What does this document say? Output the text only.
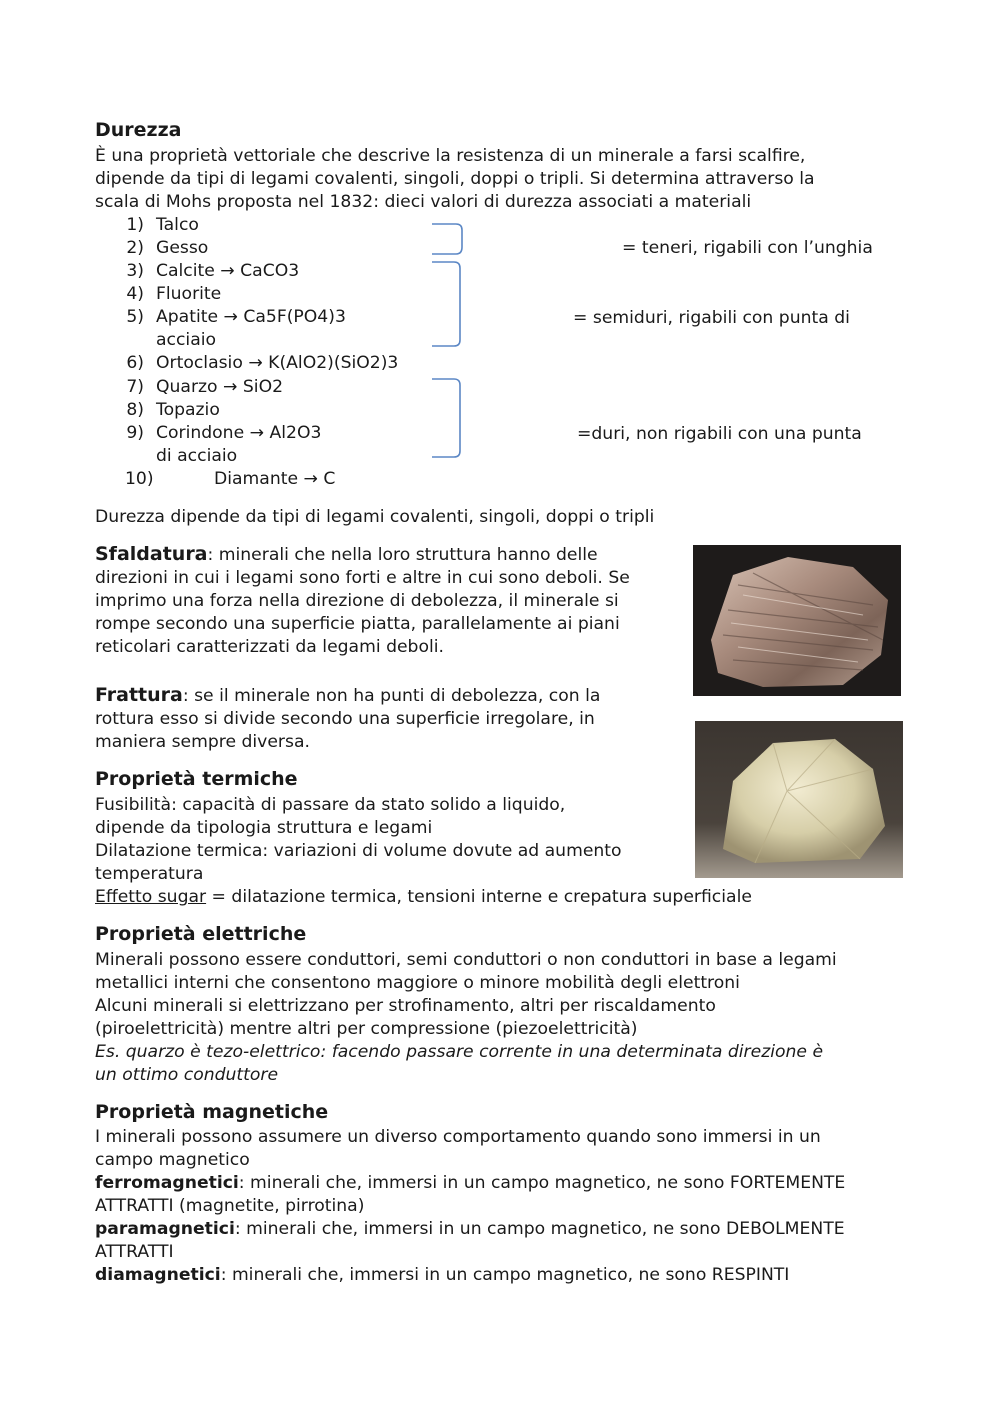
Durezza
È una proprietà vettoriale che descrive la resistenza di un minerale a farsi scalfire,
dipende da tipi di legami covalenti, singoli, doppi o tripli. Si determina attraverso la
scala di Mohs proposta nel 1832: dieci valori di durezza associati a materiali
1) Talco
2) Gesso
3) Calcite → CaCO3
4) Fluorite
5) Apatite → Ca5F(PO4)3
acciaio
6) Ortoclasio → K(AlO2)(SiO2)3
7) Quarzo → SiO2
8) Topazio
9) Corindone → Al2O3
di acciaio
10)	Diamante → C
= teneri, rigabili con l’unghia
= semiduri, rigabili con punta di
=duri, non rigabili con una punta
Durezza dipende da tipi di legami covalenti, singoli, doppi o tripli
Sfaldatura: minerali che nella loro struttura hanno delle
direzioni in cui i legami sono forti e altre in cui sono deboli. Se
imprimo una forza nella direzione di debolezza, il minerale si
rompe secondo una superficie piatta, parallelamente ai piani
reticolari caratterizzati da legami deboli.
Frattura: se il minerale non ha punti di debolezza, con la
rottura esso si divide secondo una superficie irregolare, in
maniera sempre diversa.
Proprietà termiche
Fusibilità: capacità di passare da stato solido a liquido,
dipende da tipologia struttura e legami
Dilatazione termica: variazioni di volume dovute ad aumento
temperatura
Effetto sugar = dilatazione termica, tensioni interne e crepatura superficiale
Proprietà elettriche
Minerali possono essere conduttori, semi conduttori o non conduttori in base a legami
metallici interni che consentono maggiore o minore mobilità degli elettroni
Alcuni minerali si elettrizzano per strofinamento, altri per riscaldamento
(piroelettricità) mentre altri per compressione (piezoelettricità)
Es. quarzo è tezo-elettrico: facendo passare corrente in una determinata direzione è
un ottimo conduttore
Proprietà magnetiche
I minerali possono assumere un diverso comportamento quando sono immersi in un
campo magnetico
ferromagnetici: minerali che, immersi in un campo magnetico, ne sono FORTEMENTE
ATTRATTI (magnetite, pirrotina)
paramagnetici: minerali che, immersi in un campo magnetico, ne sono DEBOLMENTE
ATTRATTI
diamagnetici: minerali che, immersi in un campo magnetico, ne sono RESPINTI
